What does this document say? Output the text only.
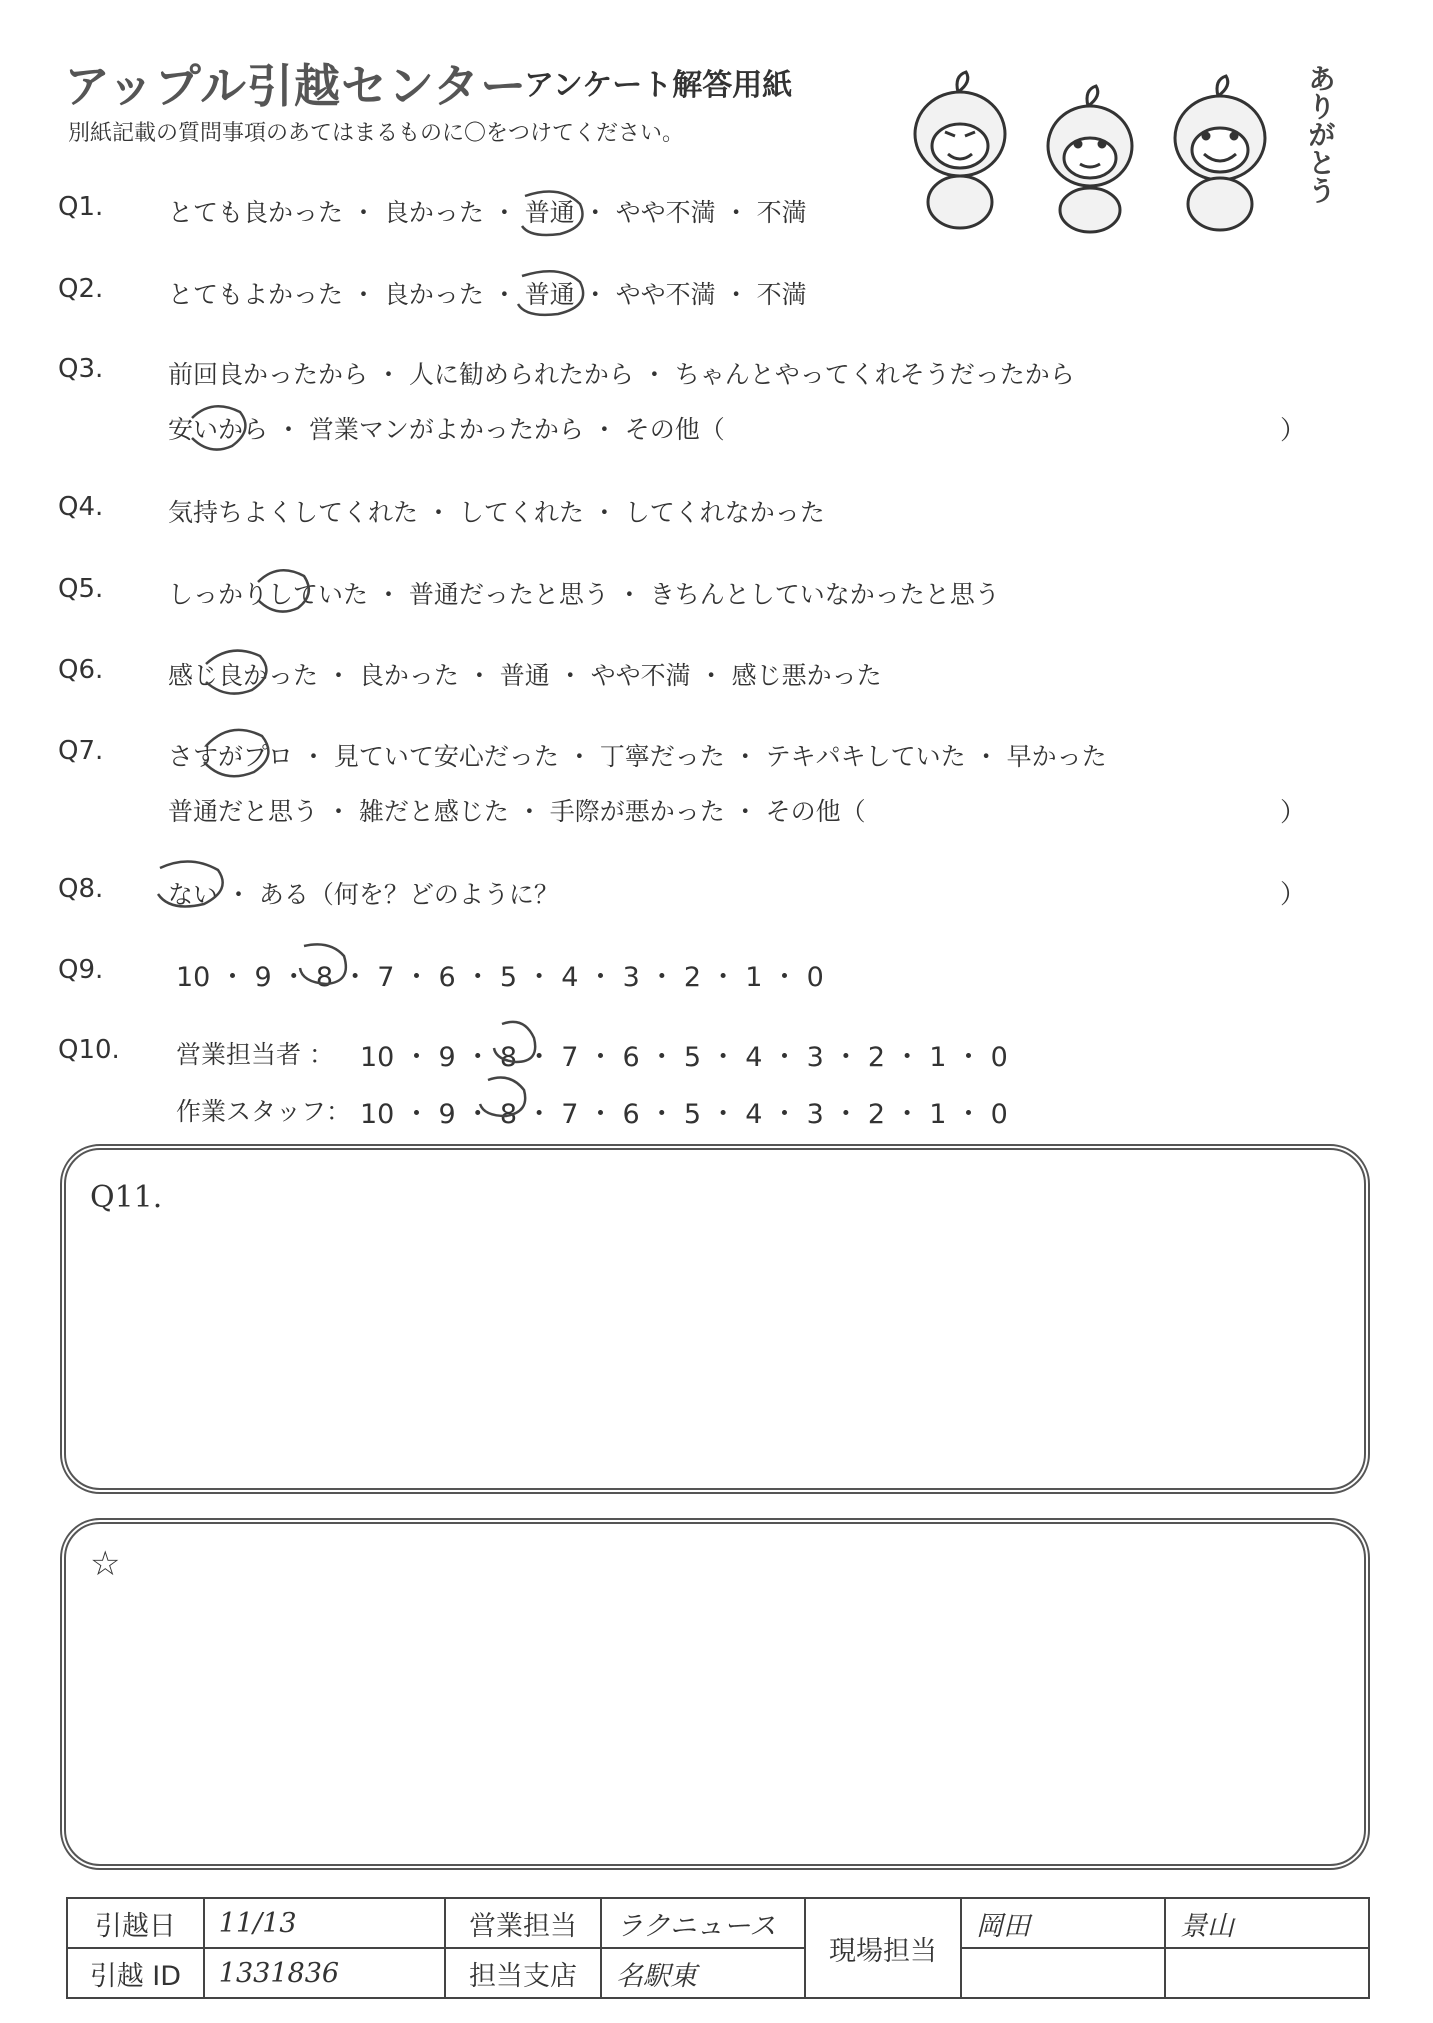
アップル引越センター
アンケート解答用紙
別紙記載の質問事項のあてはまるものに〇をつけてください。	ありがとう
Q1.	とても良かった ・ 良かった ・ 普通 ・ やや不満 ・ 不満
Q2.	とてもよかった ・ 良かった ・ 普通 ・ やや不満 ・ 不満
Q3.	前回良かったから ・ 人に勧められたから ・ ちゃんとやってくれそうだったから
安いから ・ 営業マンがよかったから ・ その他（	）
Q4.	気持ちよくしてくれた ・ してくれた ・ してくれなかった
Q5.	しっかりしていた ・ 普通だったと思う ・ きちんとしていなかったと思う
Q6.	感じ良かった ・ 良かった ・ 普通 ・ やや不満 ・ 感じ悪かった
Q7.	さすがプロ ・ 見ていて安心だった ・ 丁寧だった ・ テキパキしていた ・ 早かった
普通だと思う ・ 雑だと感じた ・ 手際が悪かった ・ その他（	）
Q8.	ない ・ ある（何を？どのように？	）
Q9.	10 ・ 9 ・ 8 ・ 7 ・ 6 ・ 5 ・ 4 ・ 3 ・ 2 ・ 1 ・ 0
Q10. 営業担当者 ： 10 ・ 9 ・ 8 ・ 7 ・ 6 ・ 5 ・ 4 ・ 3 ・ 2 ・ 1 ・ 0
作業スタッフ： 10 ・ 9 ・ 8 ・ 7 ・ 6 ・ 5 ・ 4 ・ 3 ・ 2 ・ 1 ・ 0
Q11.
☆
引越日	11/13	営業担当	ラクニュース	現場担当	岡田	景山
引越 ID	1331836	担当支店	名駅東			
